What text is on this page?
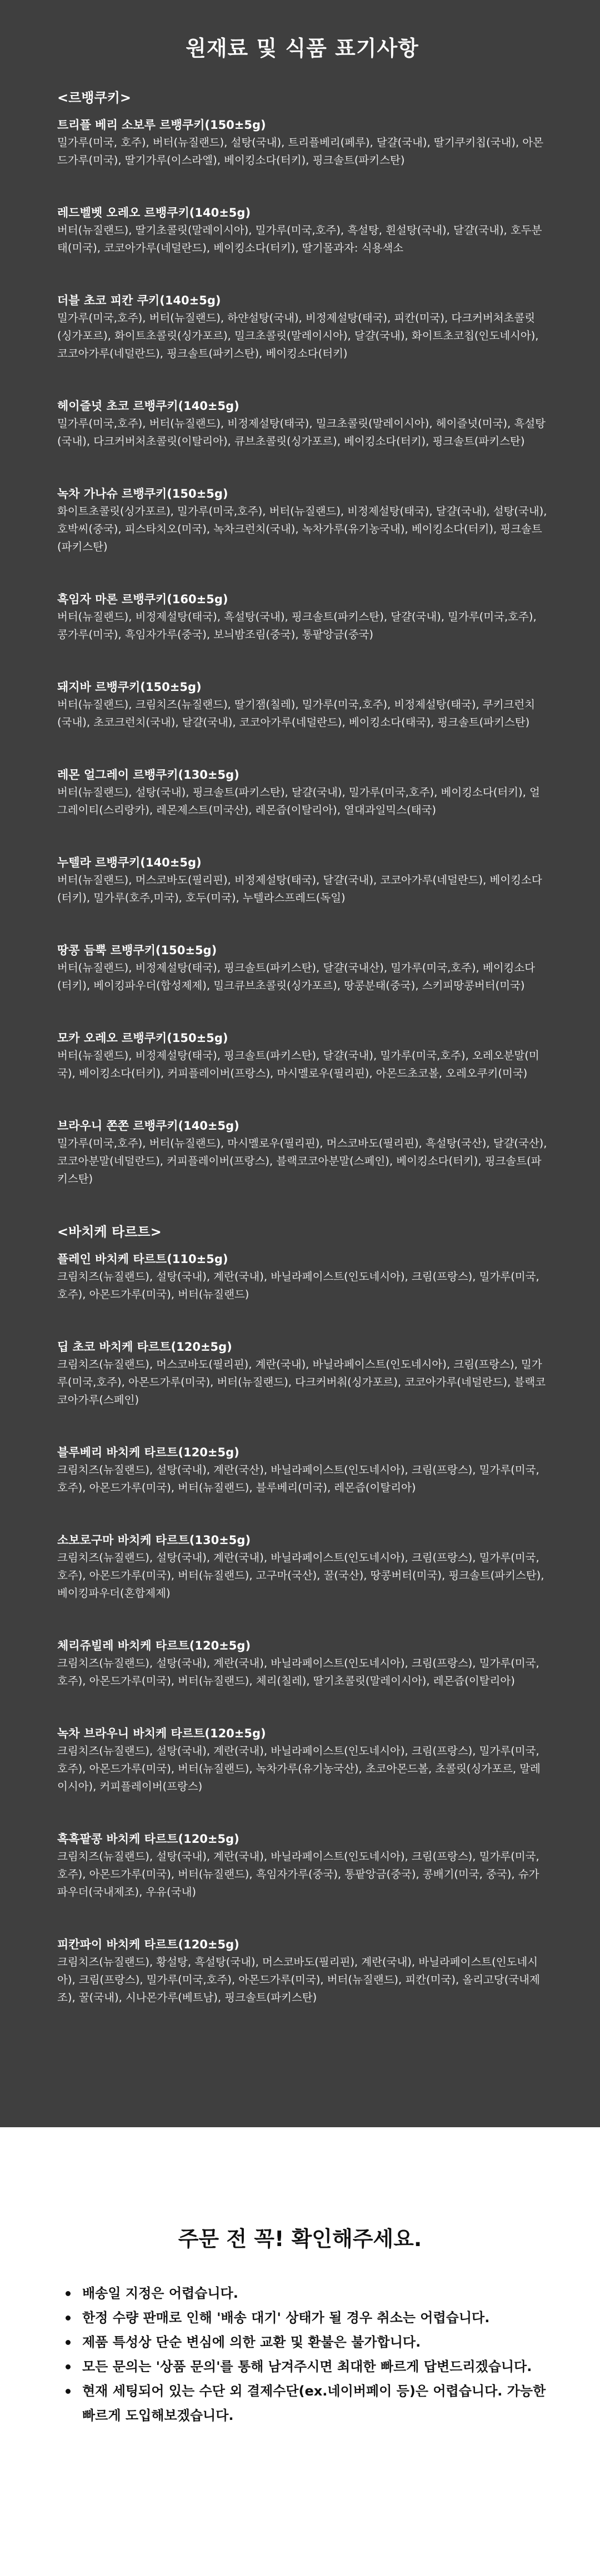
원재료 및 식품 표기사항
<르뱅쿠키>
트리플 베리 소보루 르뱅쿠키(150±5g)
밀가루(미국, 호주), 버터(뉴질랜드), 설탕(국내), 트리플베리(페루), 달걀(국내), 딸기쿠키칩(국내), 아몬드가루(미국), 딸기가루(이스라엘), 베이킹소다(터키), 핑크솔트(파키스탄)
레드벨벳 오레오 르뱅쿠키(140±5g)
버터(뉴질랜드), 딸기초콜릿(말레이시아), 밀가루(미국,호주), 흑설탕, 흰설탕(국내), 달걀(국내), 호두분태(미국), 코코아가루(네덜란드), 베이킹소다(터키), 딸기몰과자: 식용색소
더블 초코 피칸 쿠키(140±5g)
밀가루(미국,호주), 버터(뉴질랜드), 하얀설탕(국내), 비정제설탕(태국), 피칸(미국), 다크커버처초콜릿(싱가포르), 화이트초콜릿(싱가포르), 밀크초콜릿(말레이시아), 달걀(국내), 화이트초코칩(인도네시아), 코코아가루(네덜란드), 핑크솔트(파키스탄), 베이킹소다(터키)
헤이즐넛 초코 르뱅쿠키(140±5g)
밀가루(미국,호주), 버터(뉴질랜드), 비정제설탕(태국), 밀크초콜릿(말레이시아), 헤이즐넛(미국), 흑설탕(국내), 다크커버처초콜릿(이탈리아), 큐브초콜릿(싱가포르), 베이킹소다(터키), 핑크솔트(파키스탄)
녹차 가나슈 르뱅쿠키(150±5g)
화이트초콜릿(싱가포르), 밀가루(미국,호주), 버터(뉴질랜드), 비정제설탕(태국), 달걀(국내), 설탕(국내), 호박씨(중국), 피스타치오(미국), 녹차크런치(국내), 녹차가루(유기농국내), 베이킹소다(터키), 핑크솔트(파키스탄)
흑임자 마론 르뱅쿠키(160±5g)
버터(뉴질랜드), 비정제설탕(태국), 흑설탕(국내), 핑크솔트(파키스탄), 달걀(국내), 밀가루(미국,호주), 콩가루(미국), 흑임자가루(중국), 보늬밤조림(중국), 통팥앙금(중국)
돼지바 르뱅쿠키(150±5g)
버터(뉴질랜드), 크림치즈(뉴질랜드), 딸기잼(칠레), 밀가루(미국,호주), 비정제설탕(태국), 쿠키크런치(국내), 초코크런치(국내), 달걀(국내), 코코아가루(네덜란드), 베이킹소다(태국), 핑크솔트(파키스탄)
레몬 얼그레이 르뱅쿠키(130±5g)
버터(뉴질랜드), 설탕(국내), 핑크솔트(파키스탄), 달걀(국내), 밀가루(미국,호주), 베이킹소다(터키), 얼그레이티(스리랑카), 레몬제스트(미국산), 레몬즙(이탈리아), 열대과일믹스(태국)
누텔라 르뱅쿠키(140±5g)
버터(뉴질랜드), 머스코바도(필리핀), 비정제설탕(태국), 달걀(국내), 코코아가루(네덜란드), 베이킹소다(터키), 밀가루(호주,미국), 호두(미국), 누텔라스프레드(독일)
땅콩 듬뿍 르뱅쿠키(150±5g)
버터(뉴질랜드), 비정제설탕(태국), 핑크솔트(파키스탄), 달걀(국내산), 밀가루(미국,호주), 베이킹소다(터키), 베이킹파우더(합성제제), 밀크큐브초콜릿(싱가포르), 땅콩분태(중국), 스키피땅콩버터(미국)
모카 오레오 르뱅쿠키(150±5g)
버터(뉴질랜드), 비정제설탕(태국), 핑크솔트(파키스탄), 달걀(국내), 밀가루(미국,호주), 오레오분말(미국), 베이킹소다(터키), 커피플레이버(프랑스), 마시멜로우(필리핀), 아몬드초코볼, 오레오쿠키(미국)
브라우니 쫀쫀 르뱅쿠키(140±5g)
밀가루(미국,호주), 버터(뉴질랜드), 마시멜로우(필리핀), 머스코바도(필리핀), 흑설탕(국산), 달걀(국산), 코코아분말(네덜란드), 커피플레이버(프랑스), 블랙코코아분말(스페인), 베이킹소다(터키), 핑크솔트(파키스탄)
<바치케 타르트>
플레인 바치케 타르트(110±5g)
크림치즈(뉴질랜드), 설탕(국내), 계란(국내), 바닐라페이스트(인도네시아), 크림(프랑스), 밀가루(미국,호주), 아몬드가루(미국), 버터(뉴질랜드)
딥 초코 바치케 타르트(120±5g)
크림치즈(뉴질랜드), 머스코바도(필리핀), 계란(국내), 바닐라페이스트(인도네시아), 크림(프랑스), 밀가루(미국,호주), 아몬드가루(미국), 버터(뉴질랜드), 다크커버춰(싱가포르), 코코아가루(네덜란드), 블랙코코아가루(스페인)
블루베리 바치케 타르트(120±5g)
크림치즈(뉴질랜드), 설탕(국내), 계란(국산), 바닐라페이스트(인도네시아), 크림(프랑스), 밀가루(미국,호주), 아몬드가루(미국), 버터(뉴질랜드), 블루베리(미국), 레몬즙(이탈리아)
소보로구마 바치케 타르트(130±5g)
크림치즈(뉴질랜드), 설탕(국내), 계란(국내), 바닐라페이스트(인도네시아), 크림(프랑스), 밀가루(미국,호주), 아몬드가루(미국), 버터(뉴질랜드), 고구마(국산), 꿀(국산), 땅콩버터(미국), 핑크솔트(파키스탄), 베이킹파우더(혼합제제)
체리쥬빌레 바치케 타르트(120±5g)
크림치즈(뉴질랜드), 설탕(국내), 계란(국내), 바닐라페이스트(인도네시아), 크림(프랑스), 밀가루(미국,호주), 아몬드가루(미국), 버터(뉴질랜드), 체리(칠레), 딸기초콜릿(말레이시아), 레몬즙(이탈리아)
녹차 브라우니 바치케 타르트(120±5g)
크림치즈(뉴질랜드), 설탕(국내), 계란(국내), 바닐라페이스트(인도네시아), 크림(프랑스), 밀가루(미국,호주), 아몬드가루(미국), 버터(뉴질랜드), 녹차가루(유기농국산), 초코아몬드볼, 초콜릿(싱가포르, 말레이시아), 커피플레이버(프랑스)
흑흑팥콩 바치케 타르트(120±5g)
크림치즈(뉴질랜드), 설탕(국내), 계란(국내), 바닐라페이스트(인도네시아), 크림(프랑스), 밀가루(미국,호주), 아몬드가루(미국), 버터(뉴질랜드), 흑임자가루(중국), 통팥앙금(중국), 콩배기(미국, 중국), 슈가파우더(국내제조), 우유(국내)
피칸파이 바치케 타르트(120±5g)
크림치즈(뉴질랜드), 황설탕, 흑설탕(국내), 머스코바도(필리핀), 계란(국내), 바닐라페이스트(인도네시아), 크림(프랑스), 밀가루(미국,호주), 아몬드가루(미국), 버터(뉴질랜드), 피칸(미국), 올리고당(국내제조), 꿀(국내), 시나몬가루(베트남), 핑크솔트(파키스탄)
주문 전 꼭! 확인해주세요.
배송일 지정은 어렵습니다.
한정 수량 판매로 인해 '배송 대기' 상태가 될 경우 취소는 어렵습니다.
제품 특성상 단순 변심에 의한 교환 및 환불은 불가합니다.
모든 문의는 '상품 문의'를 통해 남겨주시면 최대한 빠르게 답변드리겠습니다.
현재 세팅되어 있는 수단 외 결제수단(ex.네이버페이 등)은 어렵습니다. 가능한 빠르게 도입해보겠습니다.
